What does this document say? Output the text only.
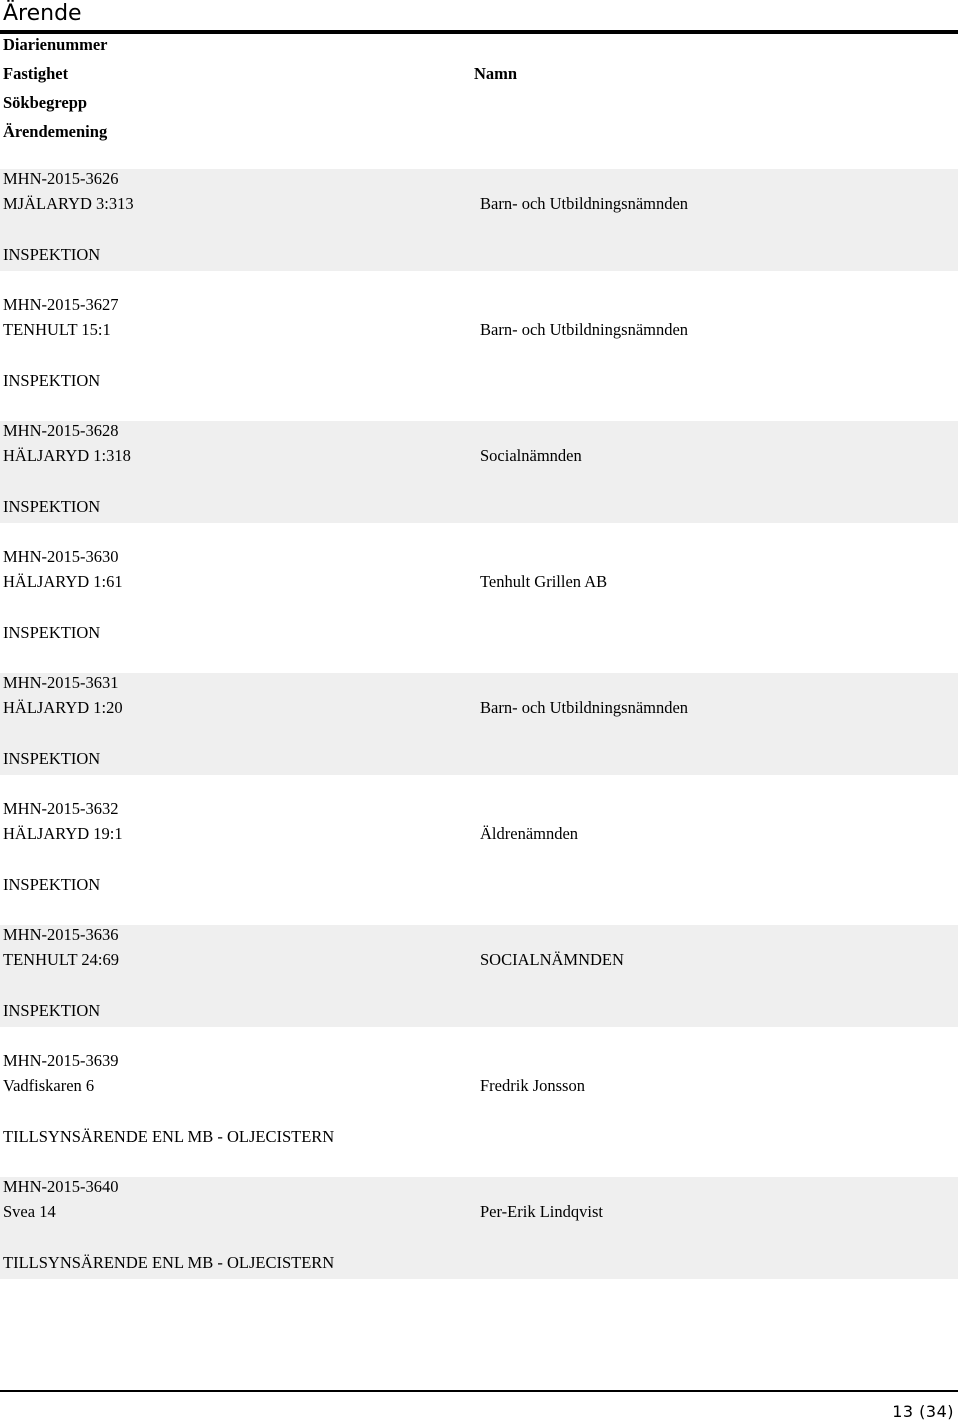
Ärende
Diarienummer
Fastighet	Namn
Sökbegrepp
Ärendemening
MHN-2015-3626
MJÄLARYD 3:313	Barn- och Utbildningsnämnden
INSPEKTION
MHN-2015-3627
TENHULT 15:1	Barn- och Utbildningsnämnden
INSPEKTION
MHN-2015-3628
HÄLJARYD 1:318	Socialnämnden
INSPEKTION
MHN-2015-3630
HÄLJARYD 1:61	Tenhult Grillen AB
INSPEKTION
MHN-2015-3631
HÄLJARYD 1:20	Barn- och Utbildningsnämnden
INSPEKTION
MHN-2015-3632
HÄLJARYD 19:1	Äldrenämnden
INSPEKTION
MHN-2015-3636
TENHULT 24:69	SOCIALNÄMNDEN
INSPEKTION
MHN-2015-3639
Vadfiskaren 6	Fredrik Jonsson
TILLSYNSÄRENDE ENL MB - OLJECISTERN
MHN-2015-3640
Svea 14	Per-Erik Lindqvist
TILLSYNSÄRENDE ENL MB - OLJECISTERN
13 (34)
